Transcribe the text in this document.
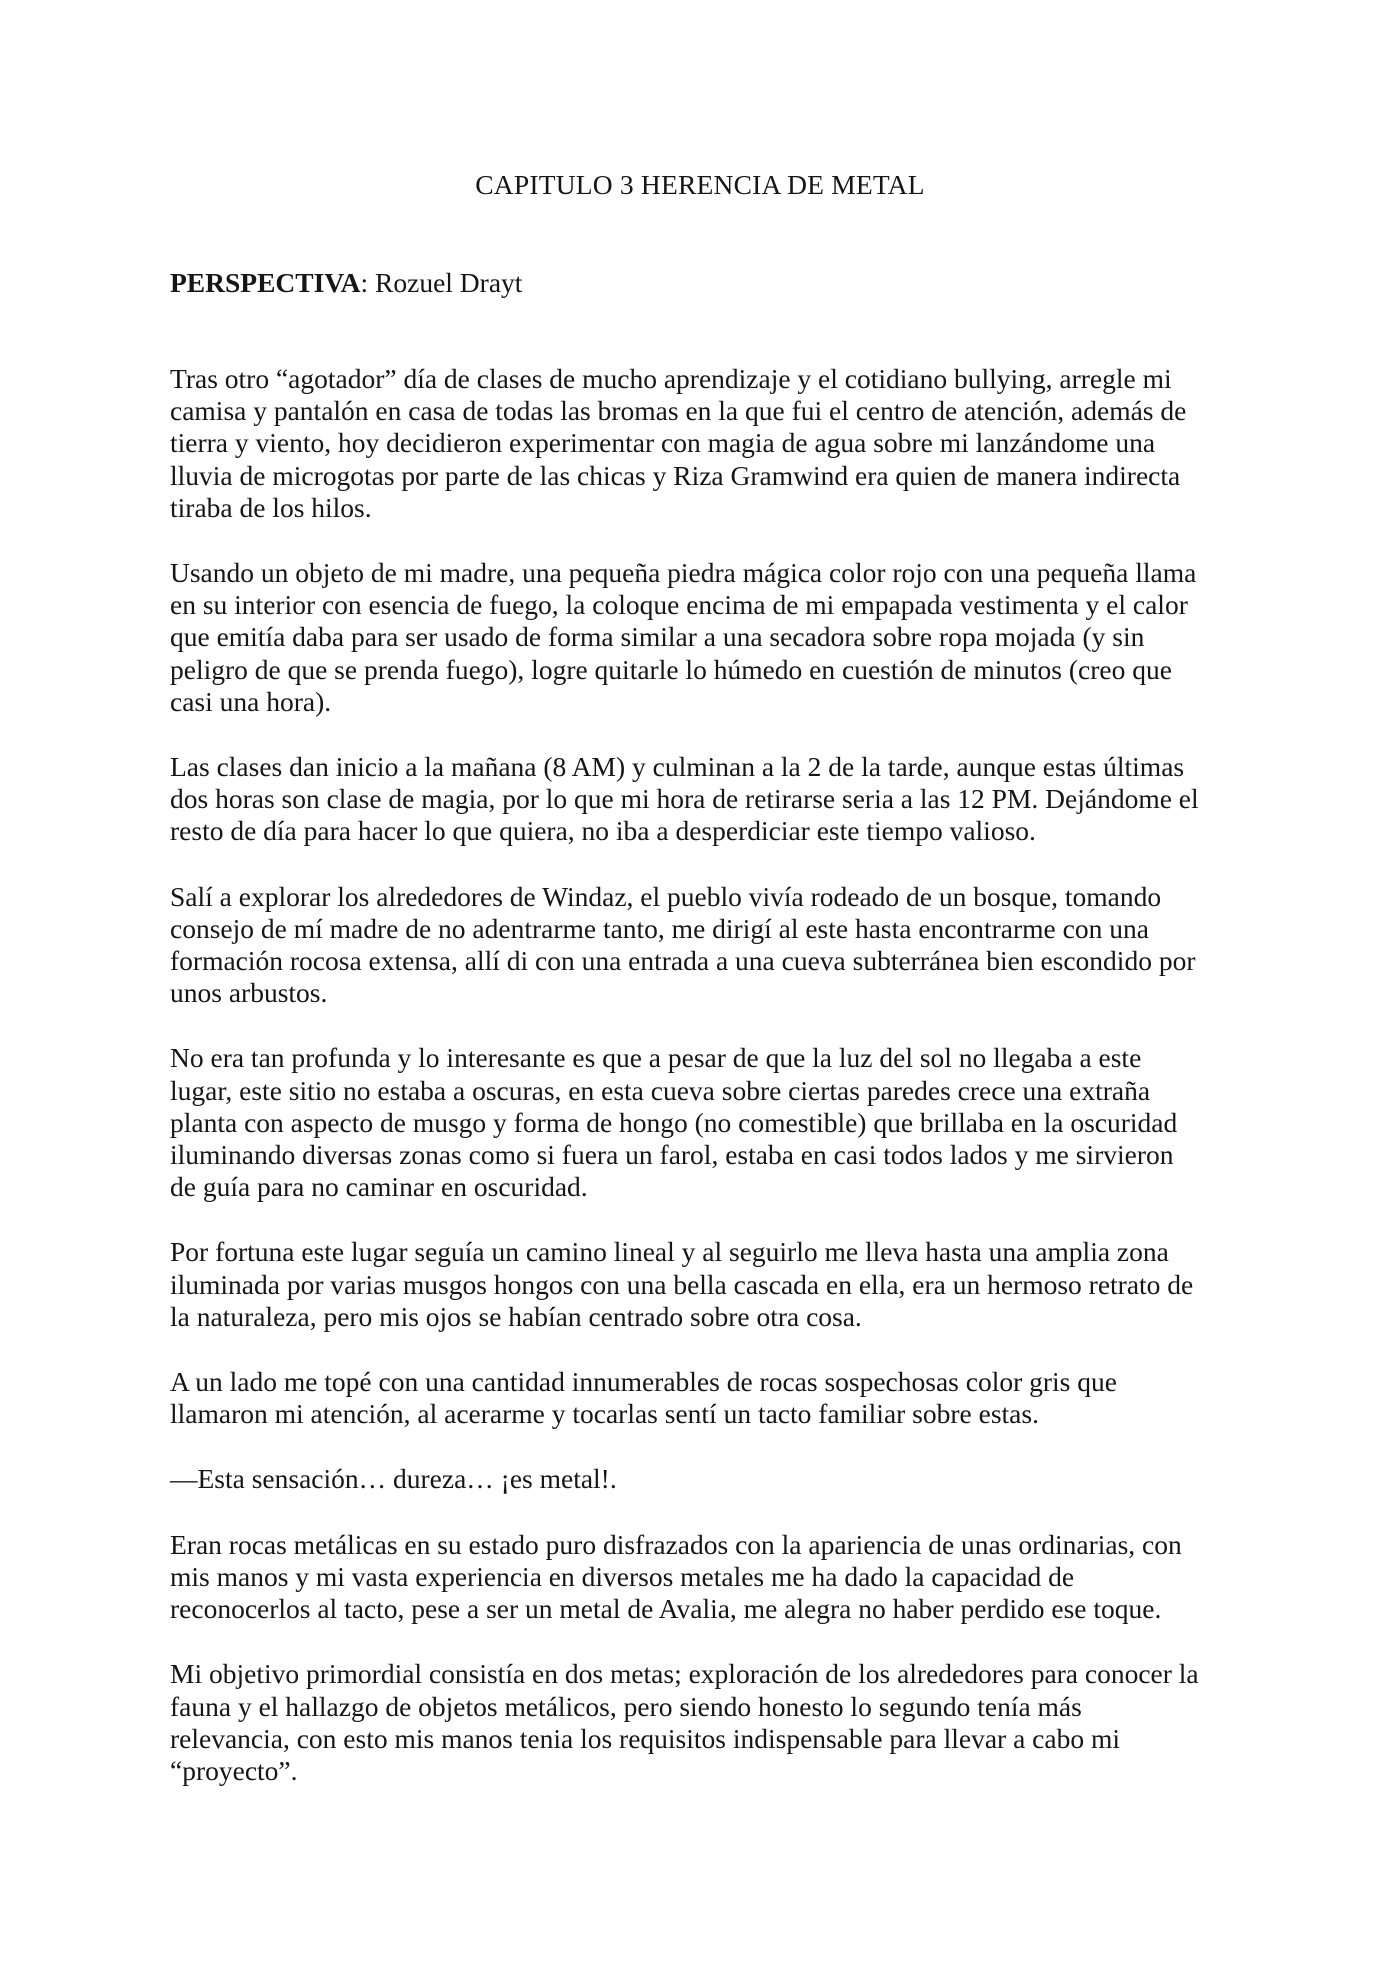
CAPITULO 3 HERENCIA DE METAL
PERSPECTIVA: Rozuel Drayt

Tras otro “agotador” día de clases de mucho aprendizaje y el cotidiano bullying, arregle mi
camisa y pantalón en casa de todas las bromas en la que fui el centro de atención, además de
tierra y viento, hoy decidieron experimentar con magia de agua sobre mi lanzándome una
lluvia de microgotas por parte de las chicas y Riza Gramwind era quien de manera indirecta
tiraba de los hilos.

Usando un objeto de mi madre, una pequeña piedra mágica color rojo con una pequeña llama
en su interior con esencia de fuego, la coloque encima de mi empapada vestimenta y el calor
que emitía daba para ser usado de forma similar a una secadora sobre ropa mojada (y sin
peligro de que se prenda fuego), logre quitarle lo húmedo en cuestión de minutos (creo que
casi una hora).

Las clases dan inicio a la mañana (8 AM) y culminan a la 2 de la tarde, aunque estas últimas
dos horas son clase de magia, por lo que mi hora de retirarse seria a las 12 PM. Dejándome el
resto de día para hacer lo que quiera, no iba a desperdiciar este tiempo valioso.

Salí a explorar los alrededores de Windaz, el pueblo vivía rodeado de un bosque, tomando
consejo de mí madre de no adentrarme tanto, me dirigí al este hasta encontrarme con una
formación rocosa extensa, allí di con una entrada a una cueva subterránea bien escondido por
unos arbustos.

No era tan profunda y lo interesante es que a pesar de que la luz del sol no llegaba a este
lugar, este sitio no estaba a oscuras, en esta cueva sobre ciertas paredes crece una extraña
planta con aspecto de musgo y forma de hongo (no comestible) que brillaba en la oscuridad
iluminando diversas zonas como si fuera un farol, estaba en casi todos lados y me sirvieron
de guía para no caminar en oscuridad.

Por fortuna este lugar seguía un camino lineal y al seguirlo me lleva hasta una amplia zona
iluminada por varias musgos hongos con una bella cascada en ella, era un hermoso retrato de
la naturaleza, pero mis ojos se habían centrado sobre otra cosa.

A un lado me topé con una cantidad innumerables de rocas sospechosas color gris que
llamaron mi atención, al acerarme y tocarlas sentí un tacto familiar sobre estas.

—Esta sensación… dureza… ¡es metal!.

Eran rocas metálicas en su estado puro disfrazados con la apariencia de unas ordinarias, con
mis manos y mi vasta experiencia en diversos metales me ha dado la capacidad de
reconocerlos al tacto, pese a ser un metal de Avalia, me alegra no haber perdido ese toque.

Mi objetivo primordial consistía en dos metas; exploración de los alrededores para conocer la
fauna y el hallazgo de objetos metálicos, pero siendo honesto lo segundo tenía más
relevancia, con esto mis manos tenia los requisitos indispensable para llevar a cabo mi
“proyecto”.
